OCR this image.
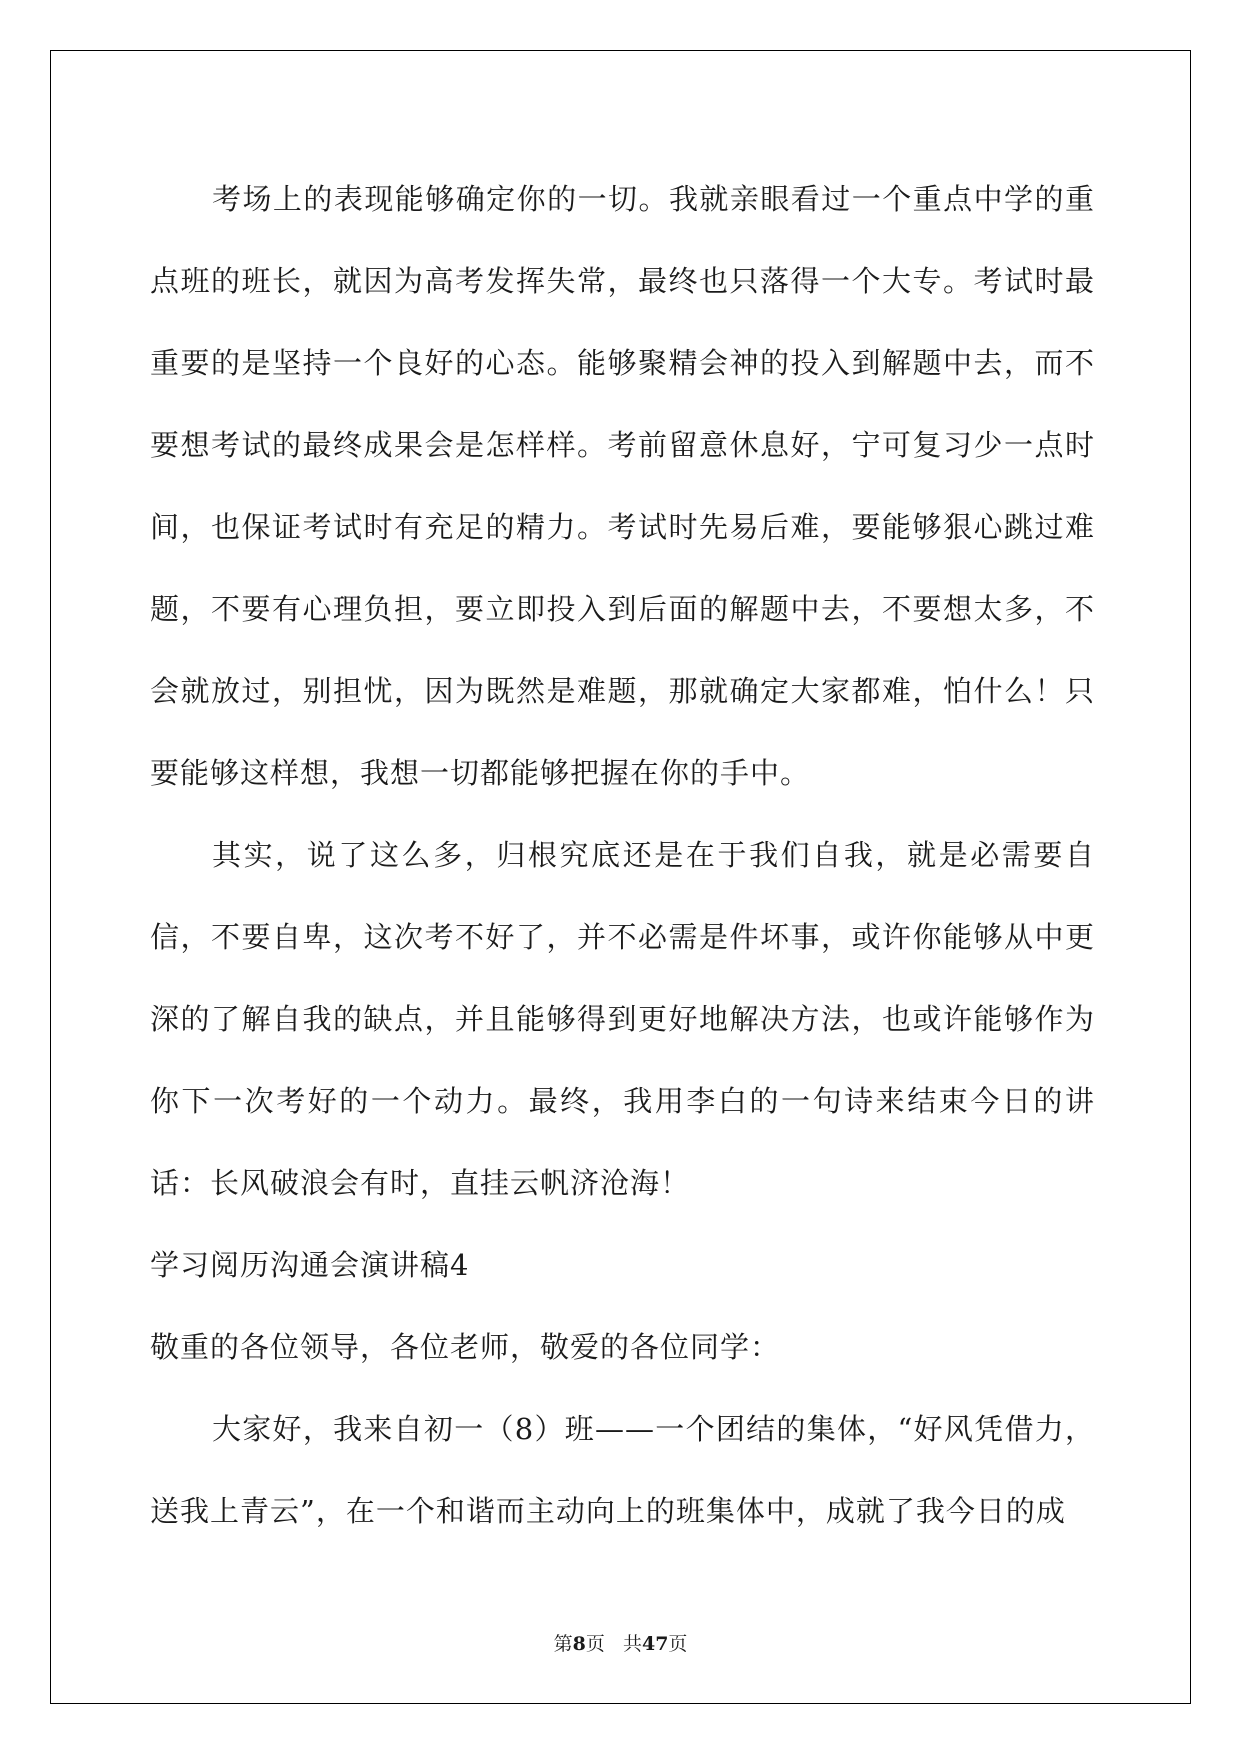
考场上的表现能够确定你的一切。我就亲眼看过一个重点中学的重点班的班长，就因为高考发挥失常，最终也只落得一个大专。考试时最重要的是坚持一个良好的心态。能够聚精会神的投入到解题中去，而不要想考试的最终成果会是怎样样。考前留意休息好，宁可复习少一点时间，也保证考试时有充足的精力。考试时先易后难，要能够狠心跳过难题，不要有心理负担，要立即投入到后面的解题中去，不要想太多，不会就放过，别担忧，因为既然是难题，那就确定大家都难，怕什么！只要能够这样想，我想一切都能够把握在你的手中。

其实，说了这么多，归根究底还是在于我们自我，就是必需要自信，不要自卑，这次考不好了，并不必需是件坏事，或许你能够从中更深的了解自我的缺点，并且能够得到更好地解决方法，也或许能够作为你下一次考好的一个动力。最终，我用李白的一句诗来结束今日的讲话：长风破浪会有时，直挂云帆济沧海！

学习阅历沟通会演讲稿4

敬重的各位领导，各位老师，敬爱的各位同学：

大家好，我来自初一（8）班——一个团结的集体，“好风凭借力，送我上青云”，在一个和谐而主动向上的班集体中，成就了我今日的成

第8页 共47页
